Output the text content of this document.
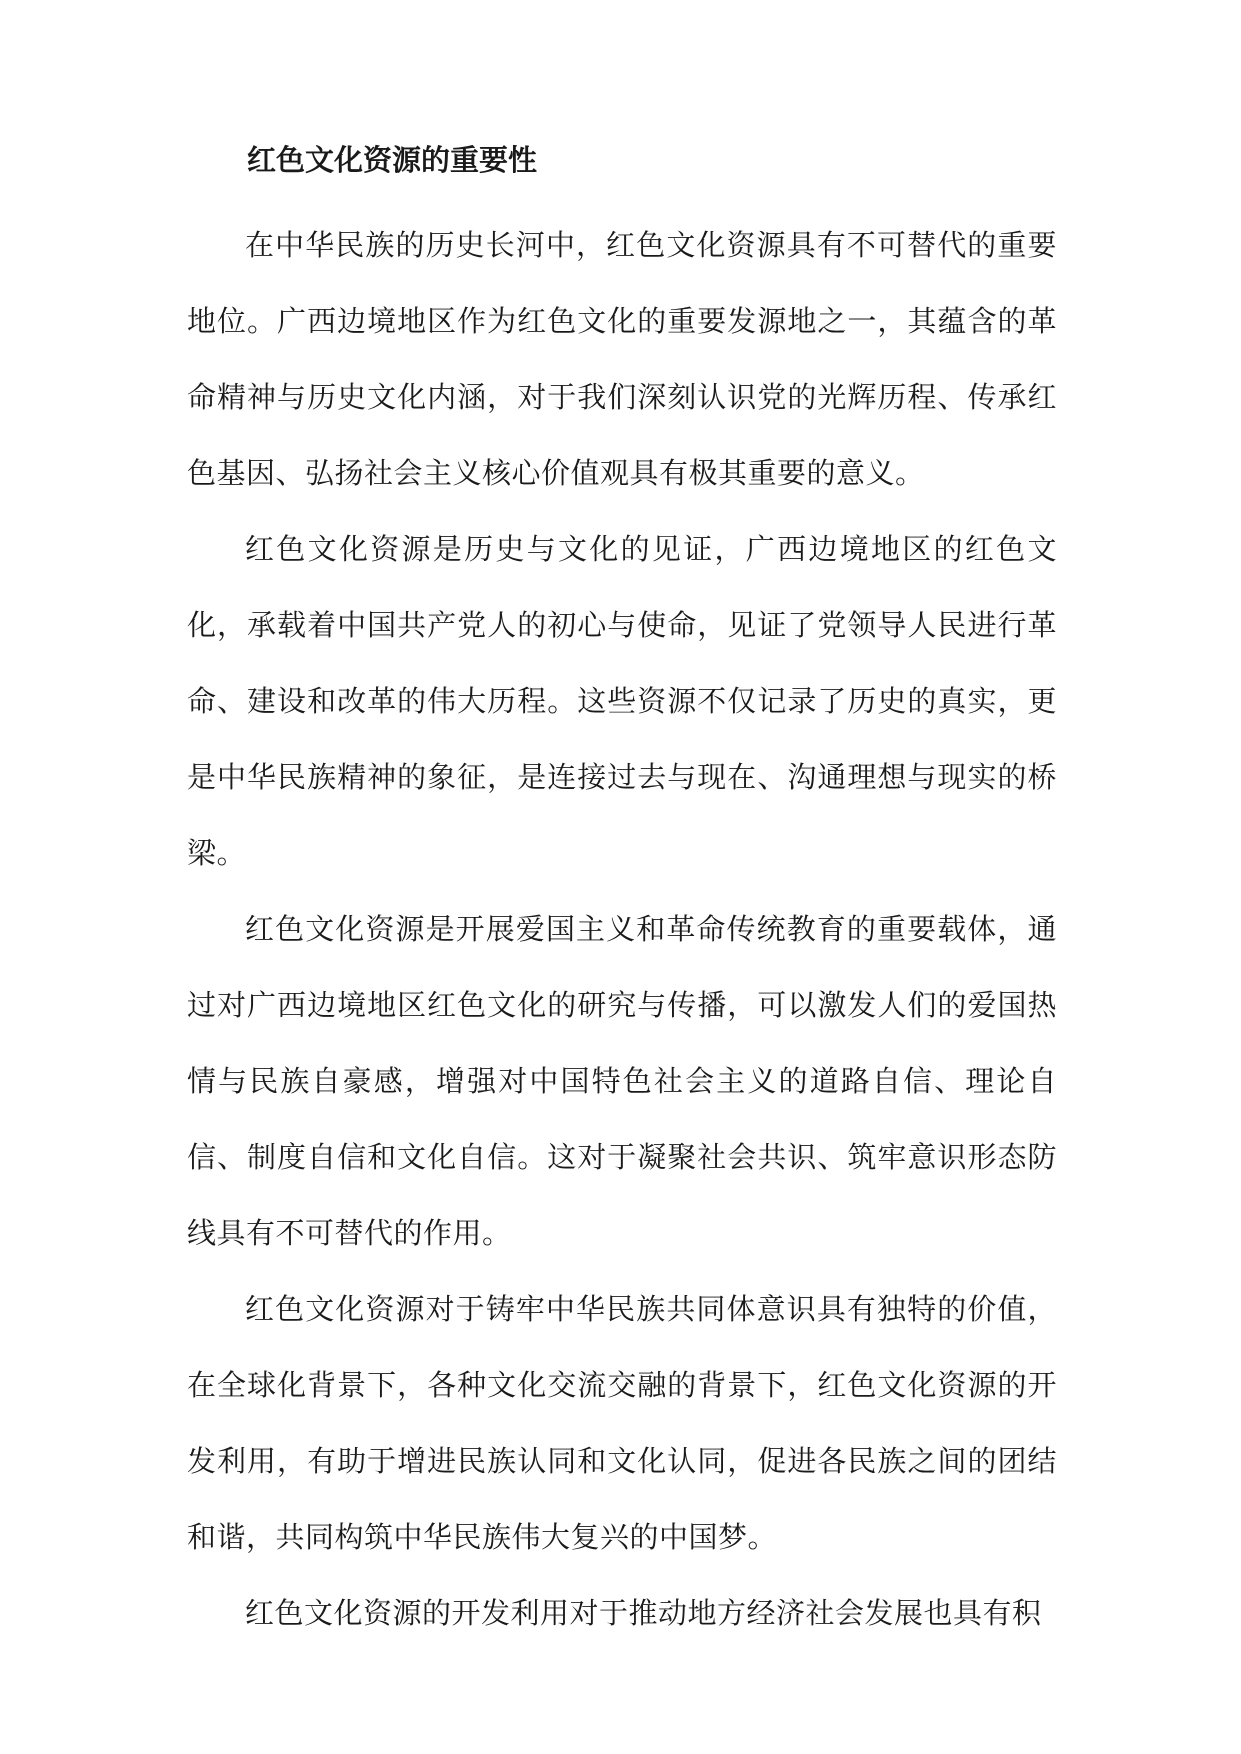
红色文化资源的重要性

在中华民族的历史长河中，红色文化资源具有不可替代的重要地位。广西边境地区作为红色文化的重要发源地之一，其蕴含的革命精神与历史文化内涵，对于我们深刻认识党的光辉历程、传承红色基因、弘扬社会主义核心价值观具有极其重要的意义。

红色文化资源是历史与文化的见证，广西边境地区的红色文化，承载着中国共产党人的初心与使命，见证了党领导人民进行革命、建设和改革的伟大历程。这些资源不仅记录了历史的真实，更是中华民族精神的象征，是连接过去与现在、沟通理想与现实的桥梁。

红色文化资源是开展爱国主义和革命传统教育的重要载体，通过对广西边境地区红色文化的研究与传播，可以激发人们的爱国热情与民族自豪感，增强对中国特色社会主义的道路自信、理论自信、制度自信和文化自信。这对于凝聚社会共识、筑牢意识形态防线具有不可替代的作用。

红色文化资源对于铸牢中华民族共同体意识具有独特的价值，在全球化背景下，各种文化交流交融的背景下，红色文化资源的开发利用，有助于增进民族认同和文化认同，促进各民族之间的团结和谐，共同构筑中华民族伟大复兴的中国梦。

红色文化资源的开发利用对于推动地方经济社会发展也具有积
